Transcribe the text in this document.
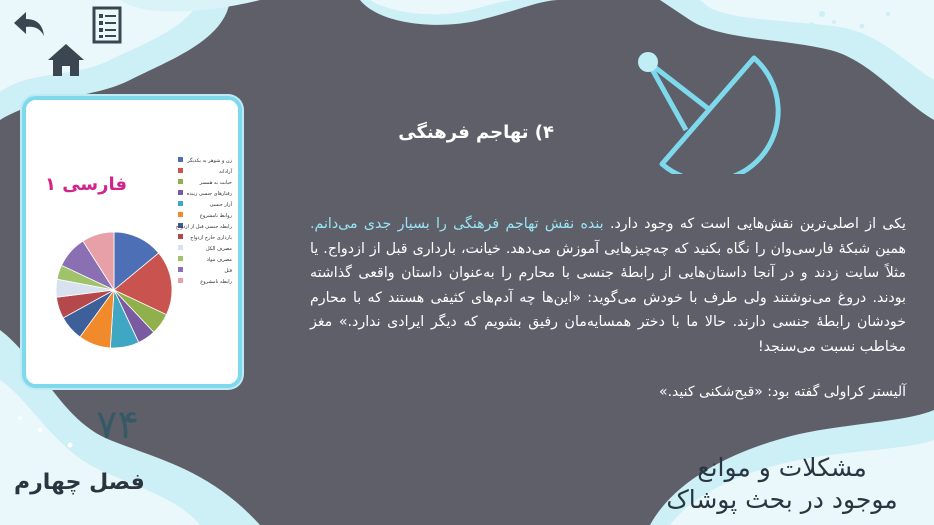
۴) تهاجم فرهنگی
یکی از اصلی‌ترین نقش‌هایی است که وجود دارد. بنده نقش تهاجم فرهنگی را بسیار جدی می‌دانم. همین شبکهٔ فارسی‌وان را نگاه بکنید که چه‌چیزهایی آموزش می‌دهد. خیانت، بارداری قبل از ازدواج. یا مثلاً سایت زدند و در آنجا داستان‌هایی از رابطهٔ جنسی با محارم را به‌عنوان داستان واقعی گذاشته بودند. دروغ می‌نوشتند ولی طرف با خودش می‌گوید: «این‌ها چه آدم‌های کثیفی هستند که با محارم خودشان رابطهٔ جنسی دارند. حالا ما با دختر همسایه‌مان رفیق بشویم که دیگر ایرادی ندارد.» مغز مخاطب نسبت می‌سنجد!
آلیستر کراولی گفته بود: «قبح‌شکنی کنید.»
فارسی ۱
زن و شوهر به یکدیگر
آزادانه
خیانت به همسر
رفتارهای جنسی زننده
آزار جنسی
روابط نامشروع
رابطه جنسی قبل از ازدواج
بارداری خارج ازدواج
مصرف الکل
مصرف مواد
قتل
رابطه نامشروع
۷۴
فصل چهارم
مشکلات و موانع
موجود در بحث پوشاک
